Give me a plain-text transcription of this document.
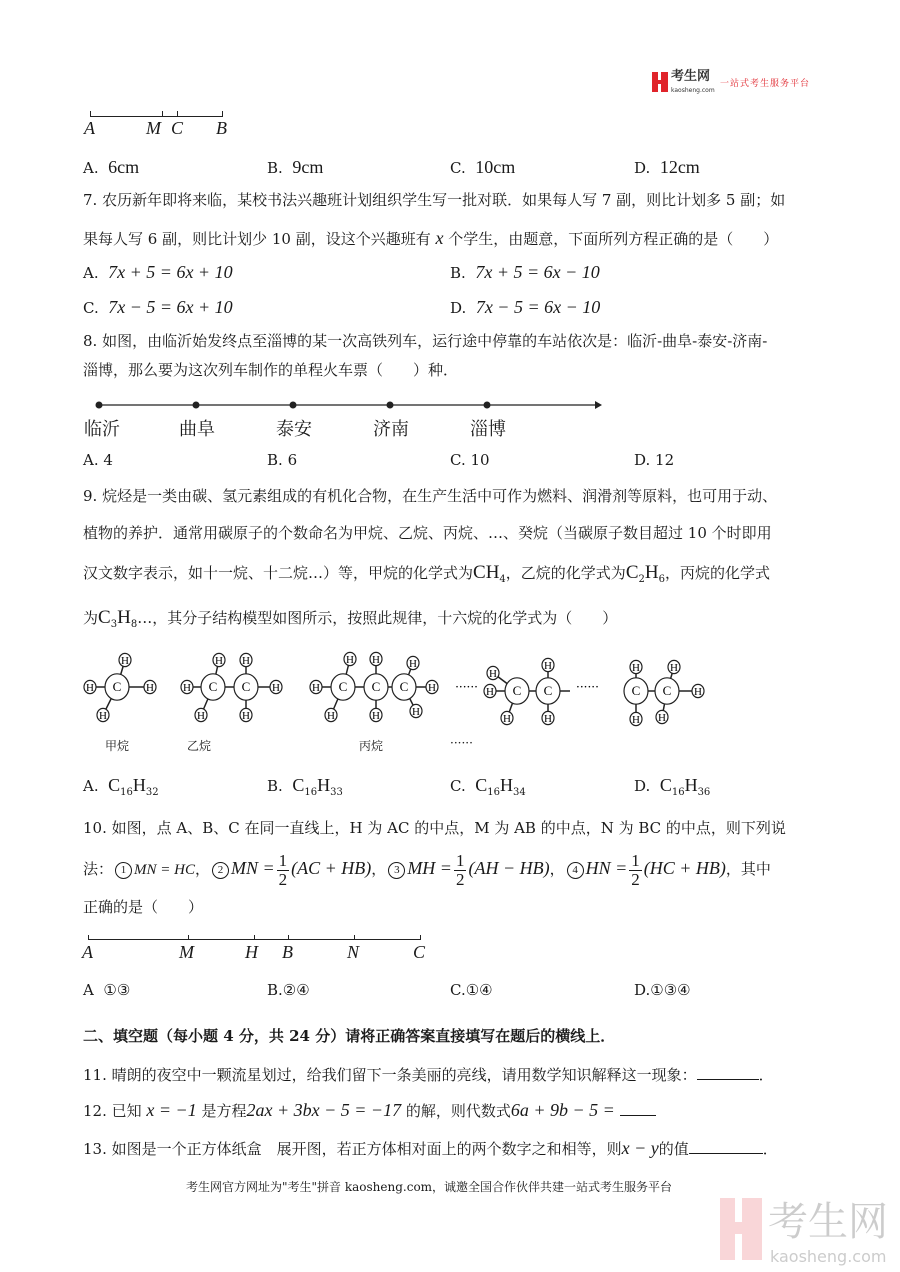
考生网
kaosheng.com
一站式考生服务平台
A	M C B
A. 6cm	B. 9cm	C. 10cm	D. 12cm
7. 农历新年即将来临，某校书法兴趣班计划组织学生写一批对联．如果每人写 7 副，则比计划多 5 副；如
果每人写 6 副，则比计划少 10 副，设这个兴趣班有 x 个学生，由题意，下面所列方程正确的是（　　）
A. 7x + 5 = 6x + 10	B. 7x + 5 = 6x − 10
C. 7x − 5 = 6x + 10	D. 7x − 5 = 6x − 10
8. 如图，由临沂始发终点至淄博的某一次高铁列车，运行途中停靠的车站依次是：临沂-曲阜-泰安-济南-
淄博，那么要为这次列车制作的单程火车票（　　）种．
临沂	曲阜	泰安	济南	淄博
A. 4	B. 6	C. 10	D. 12
9. 烷烃是一类由碳、氢元素组成的有机化合物，在生产生活中可作为燃料、润滑剂等原料，也可用于动、
植物的养护．通常用碳原子的个数命名为甲烷、乙烷、丙烷、…、癸烷（当碳原子数目超过 10 个时即用
汉文数字表示，如十一烷、十二烷…）等，甲烷的化学式为$CH_4$，乙烷的化学式为$C_2H_6$，丙烷的化学式
为$C_3H_8\dots$，其分子结构模型如图所示，按照此规律，十六烷的化学式为（　　）
H
H	H
H
C	H
H
H
H
H
H
C C	H
H
H
H
H
H
H
H
C C C	······ H
H
H
H
H
C C ······
H
H
H
H
H
C C
甲烷	乙烷	丙烷	······
A. $C_{16}H_{32}$	B. $C_{16}H_{33}$	C. $C_{16}H_{34}$	D. $C_{16}H_{36}$
10. 如图，点 A、B、C 在同一直线上，H 为 AC 的中点，M 为 AB 的中点，N 为 BC 的中点，则下列说
法： 1 MN = HC， 2 MN = $\frac{1}{2} (AC + HB)$， 3 MH = $\frac{1}{2} (AH - HB)$， 4 HN = $\frac{1}{2} (HC + HB)$，其中
正确的是（　　）
A	M	H B	N	C
A ①③	B.②④	C.①④	D.①③④
二、填空题（每小题 4 分，共 24 分）请将正确答案直接填写在题后的横线上．
11. 晴朗的夜空中一颗流星划过，给我们留下一条美丽的亮线，请用数学知识解释这一现象：	．
12. 已知 x = −1 是方程2ax + 3bx − 5 = −17 的解，则代数式6a + 9b − 5 =
13. 如图是一个正方体纸盒　展开图，若正方体相对面上的两个数字之和相等，则x − y的值	．
考生网官方网址为"考生"拼音 kaosheng.com，诚邀全国合作伙伴共建一站式考生服务平台
考生网
kaosheng.com
